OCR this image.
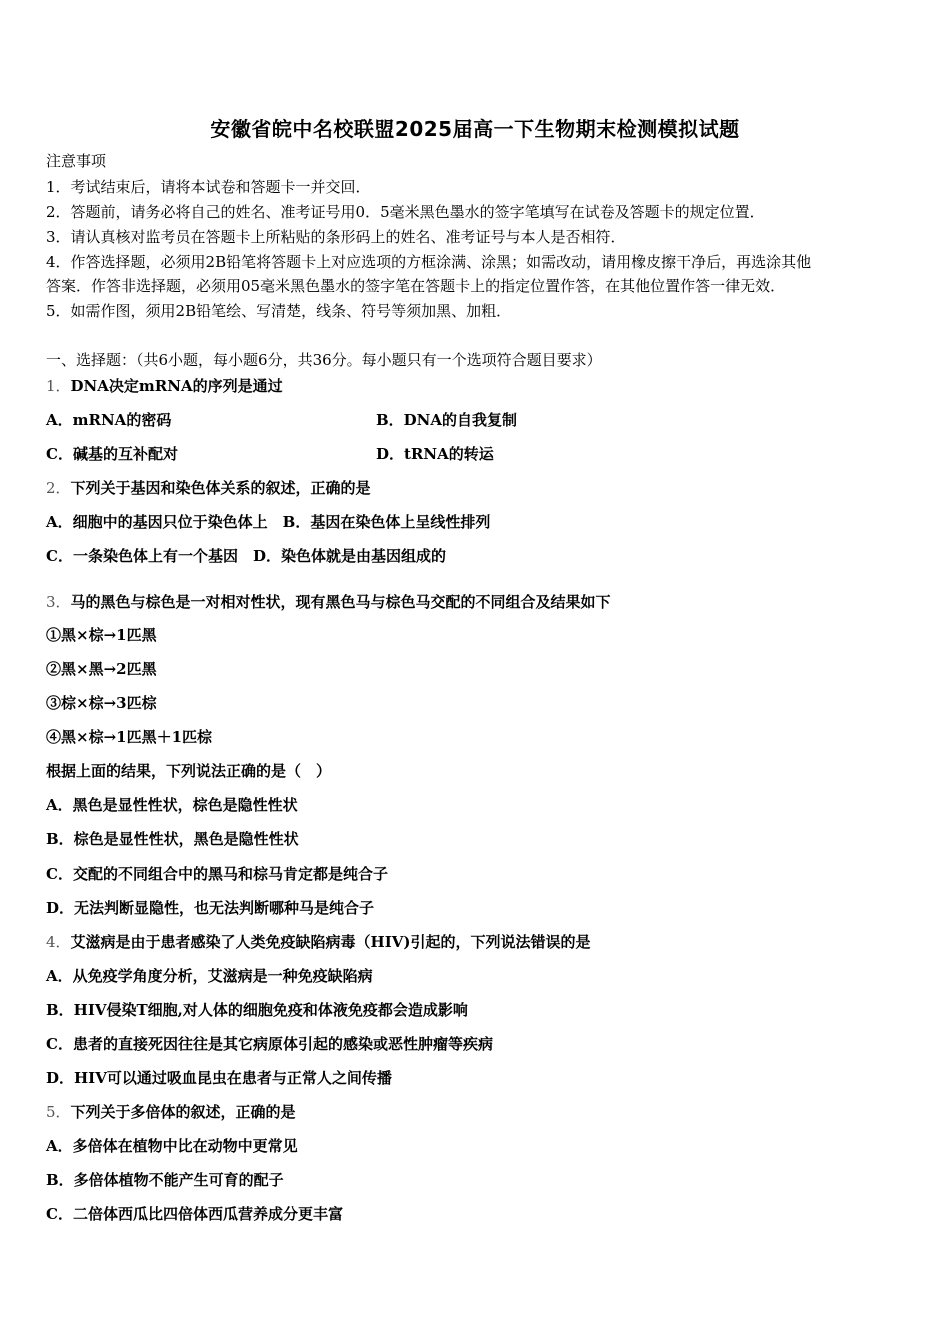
安徽省皖中名校联盟2025届高一下生物期末检测模拟试题
注意事项
1．考试结束后，请将本试卷和答题卡一并交回．
2．答题前，请务必将自己的姓名、准考证号用0．5毫米黑色墨水的签字笔填写在试卷及答题卡的规定位置．
3．请认真核对监考员在答题卡上所粘贴的条形码上的姓名、准考证号与本人是否相符．
4．作答选择题，必须用2B铅笔将答题卡上对应选项的方框涂满、涂黑；如需改动，请用橡皮擦干净后，再选涂其他
答案．作答非选择题，必须用05毫米黑色墨水的签字笔在答题卡上的指定位置作答，在其他位置作答一律无效．
5．如需作图，须用2B铅笔绘、写清楚，线条、符号等须加黑、加粗．
一、选择题：（共6小题，每小题6分，共36分。每小题只有一个选项符合题目要求）
1．DNA决定mRNA的序列是通过
A．mRNA的密码	B．DNA的自我复制
C．碱基的互补配对	D．tRNA的转运
2．下列关于基因和染色体关系的叙述，正确的是
A．细胞中的基因只位于染色体上　B．基因在染色体上呈线性排列
C．一条染色体上有一个基因　D．染色体就是由基因组成的
3．马的黑色与棕色是一对相对性状，现有黑色马与棕色马交配的不同组合及结果如下
①黑×棕→1匹黑
②黑×黑→2匹黑
③棕×棕→3匹棕
④黑×棕→1匹黑＋1匹棕
根据上面的结果，下列说法正确的是（　）
A．黑色是显性性状，棕色是隐性性状
B．棕色是显性性状，黑色是隐性性状
C．交配的不同组合中的黑马和棕马肯定都是纯合子
D．无法判断显隐性，也无法判断哪种马是纯合子
4．艾滋病是由于患者感染了人类免疫缺陷病毒（HIV)引起的，下列说法错误的是
A．从免疫学角度分析，艾滋病是一种免疫缺陷病
B．HIV侵染T细胞,对人体的细胞免疫和体液免疫都会造成影响
C．患者的直接死因往往是其它病原体引起的感染或恶性肿瘤等疾病
D．HIV可以通过吸血昆虫在患者与正常人之间传播
5．下列关于多倍体的叙述，正确的是
A．多倍体在植物中比在动物中更常见
B．多倍体植物不能产生可育的配子
C．二倍体西瓜比四倍体西瓜营养成分更丰富
